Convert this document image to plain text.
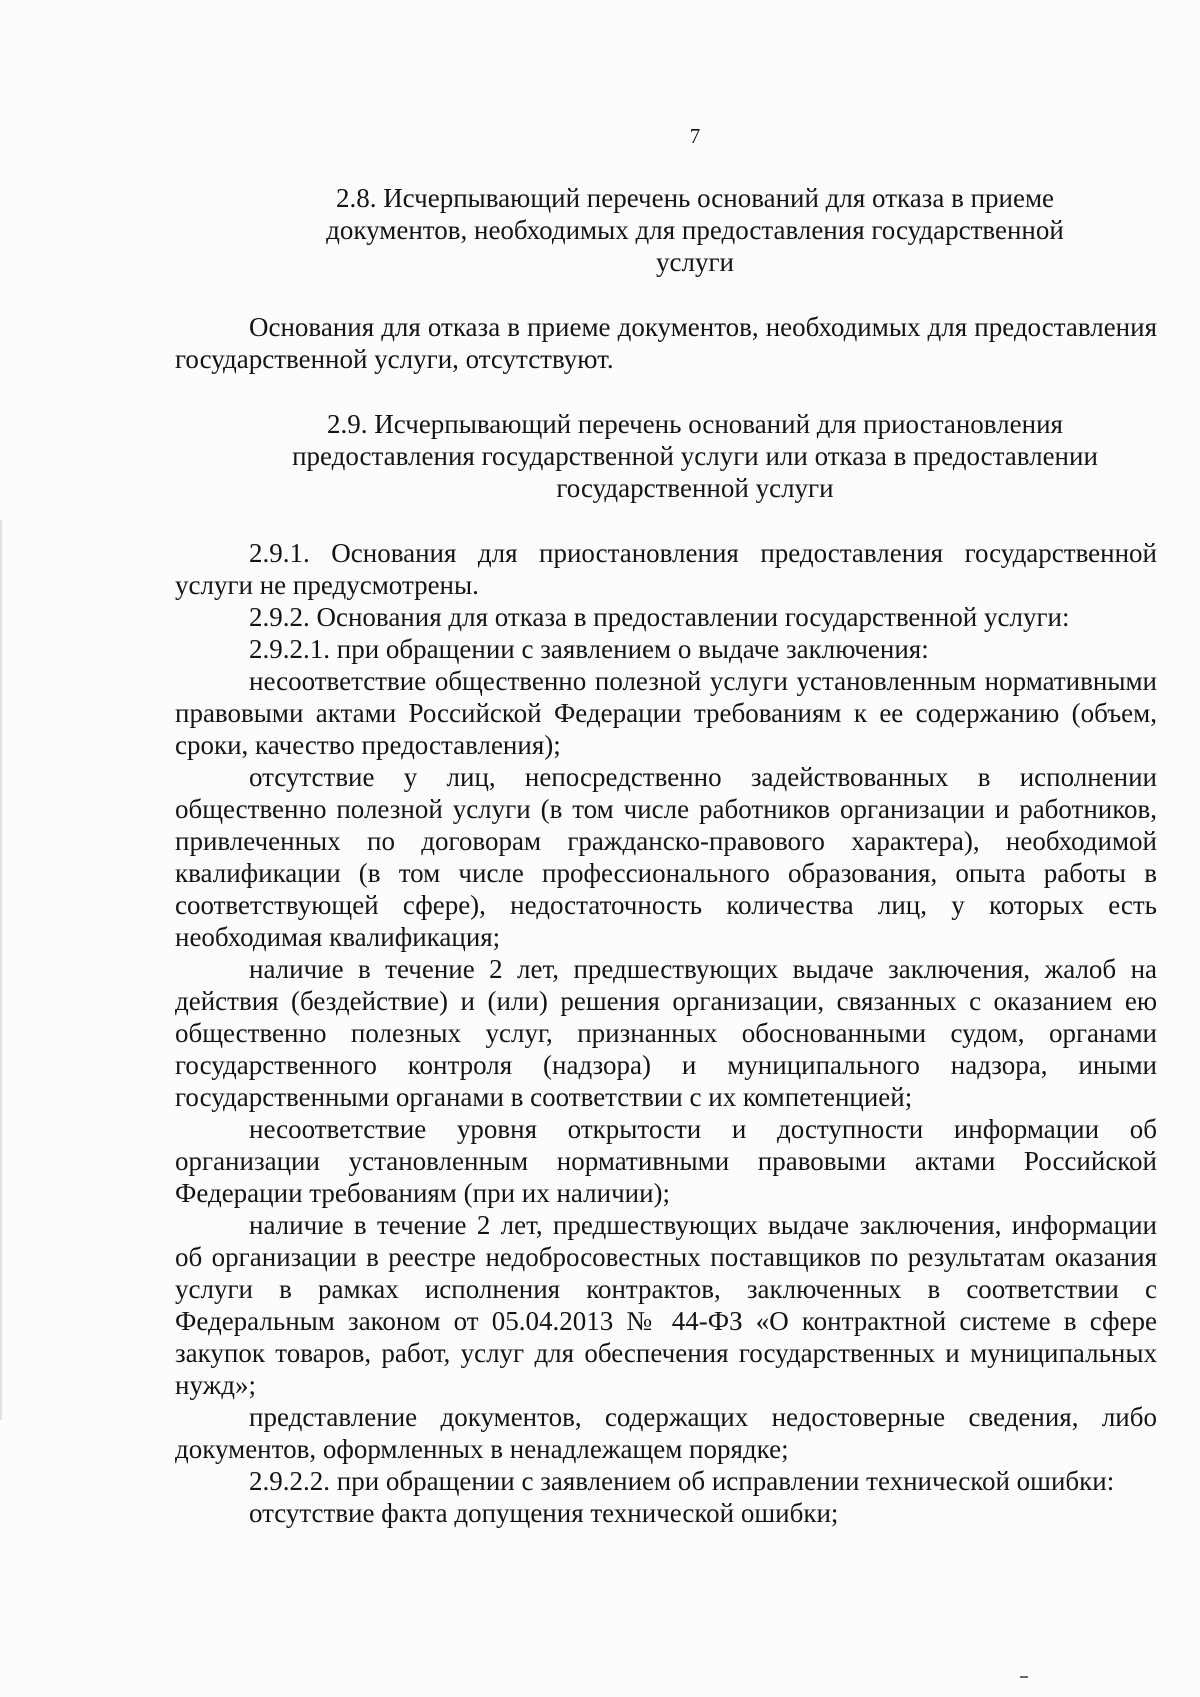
7
2.8. Исчерпывающий перечень оснований для отказа в приеме документов, необходимых для предоставления государственной услуги

Основания для отказа в приеме документов, необходимых для предоставления государственной услуги, отсутствуют.

2.9. Исчерпывающий перечень оснований для приостановления предоставления государственной услуги или отказа в предоставлении государственной услуги

2.9.1. Основания для приостановления предоставления государственной услуги не предусмотрены.

2.9.2. Основания для отказа в предоставлении государственной услуги:

2.9.2.1. при обращении с заявлением о выдаче заключения:

несоответствие общественно полезной услуги установленным нормативными правовыми актами Российской Федерации требованиям к ее содержанию (объем, сроки, качество предоставления);

отсутствие у лиц, непосредственно задействованных в исполнении общественно полезной услуги (в том числе работников организации и работников, привлеченных по договорам гражданско-правового характера), необходимой квалификации (в том числе профессионального образования, опыта работы в соответствующей сфере), недостаточность количества лиц, у которых есть необходимая квалификация;

наличие в течение 2 лет, предшествующих выдаче заключения, жалоб на действия (бездействие) и (или) решения организации, связанных с оказанием ею общественно полезных услуг, признанных обоснованными судом, органами государственного контроля (надзора) и муниципального надзора, иными государственными органами в соответствии с их компетенцией;

несоответствие уровня открытости и доступности информации об организации установленным нормативными правовыми актами Российской Федерации требованиям (при их наличии);

наличие в течение 2 лет, предшествующих выдаче заключения, информации об организации в реестре недобросовестных поставщиков по результатам оказания услуги в рамках исполнения контрактов, заключенных в соответствии с Федеральным законом от 05.04.2013 № 44-ФЗ «О контрактной системе в сфере закупок товаров, работ, услуг для обеспечения государственных и муниципальных нужд»;

представление документов, содержащих недостоверные сведения, либо документов, оформленных в ненадлежащем порядке;

2.9.2.2. при обращении с заявлением об исправлении технической ошибки:

отсутствие факта допущения технической ошибки;
